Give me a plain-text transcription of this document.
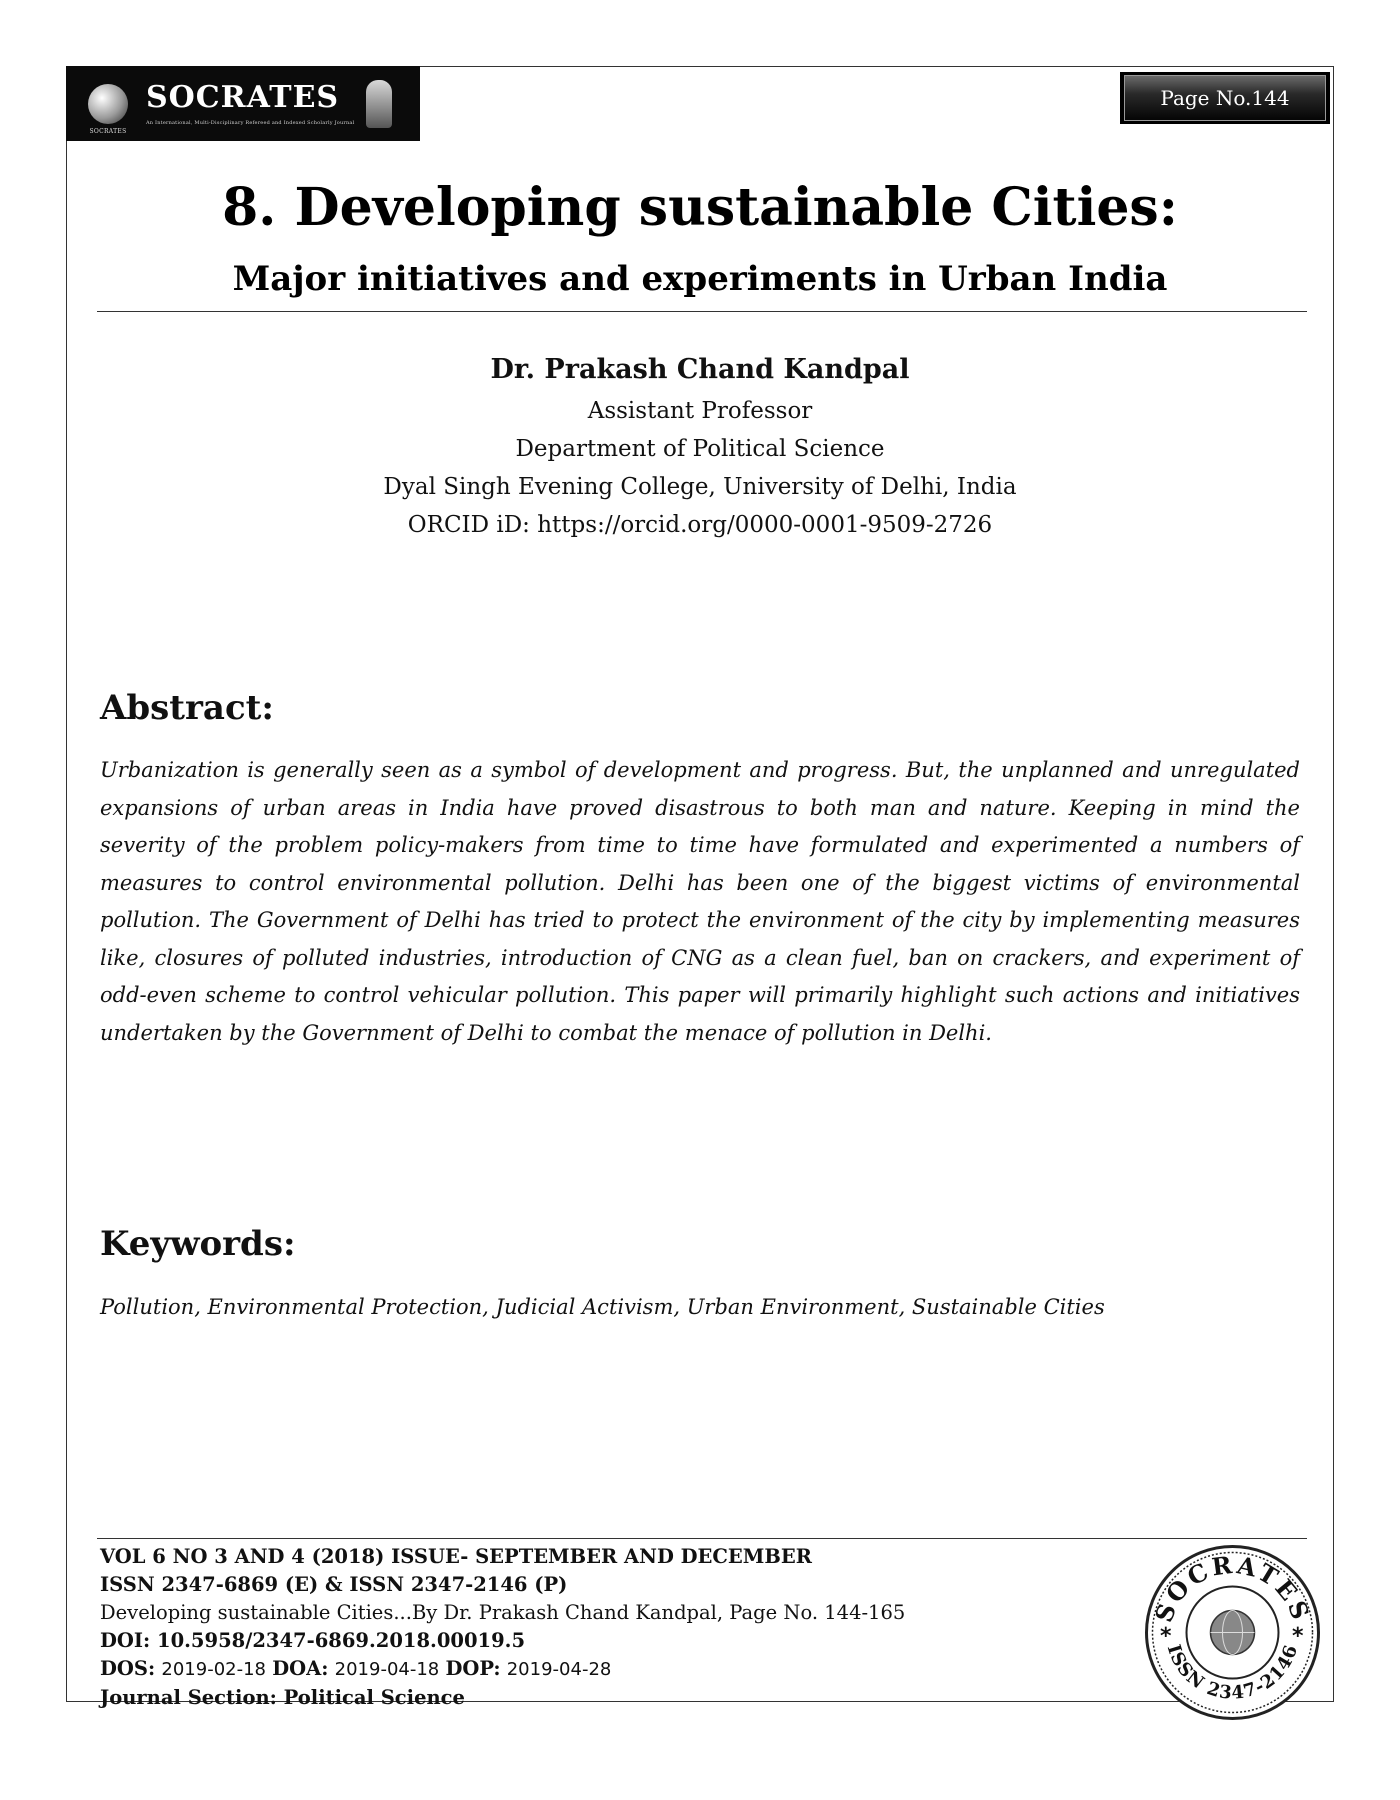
SOCRATES
SOCRATES
An International, Multi-Disciplinary Refereed and Indexed Scholarly Journal
Page No.144
8. Developing sustainable Cities:
Major initiatives and experiments in Urban India
Dr. Prakash Chand Kandpal
Assistant Professor
Department of Political Science
Dyal Singh Evening College, University of Delhi, India
ORCID iD: https://orcid.org/0000-0001-9509-2726
Abstract:
Urbanization is generally seen as a symbol of development and progress. But, the unplanned and unregulated expansions of urban areas in India have proved disastrous to both man and nature. Keeping in mind the severity of the problem policy-makers from time to time have formulated and experimented a numbers of measures to control environmental pollution. Delhi has been one of the biggest victims of environmental pollution. The Government of Delhi has tried to protect the environment of the city by implementing measures like, closures of polluted industries, introduction of CNG as a clean fuel, ban on crackers, and experiment of odd-even scheme to control vehicular pollution. This paper will primarily highlight such actions and initiatives undertaken by the Government of Delhi to combat the menace of pollution in Delhi.
Keywords:
Pollution, Environmental Protection, Judicial Activism, Urban Environment, Sustainable Cities
VOL 6 NO 3 AND 4 (2018) ISSUE- SEPTEMBER AND DECEMBER
ISSN 2347-6869 (E) & ISSN 2347-2146 (P)
Developing sustainable Cities...By Dr. Prakash Chand Kandpal, Page No. 144-165
DOI: 10.5958/2347-6869.2018.00019.5
DOS: 2019-02-18 DOA: 2019-04-18 DOP: 2019-04-28
Journal Section: Political Science
SOCRATES
ISSN 2347-2146
*	*
